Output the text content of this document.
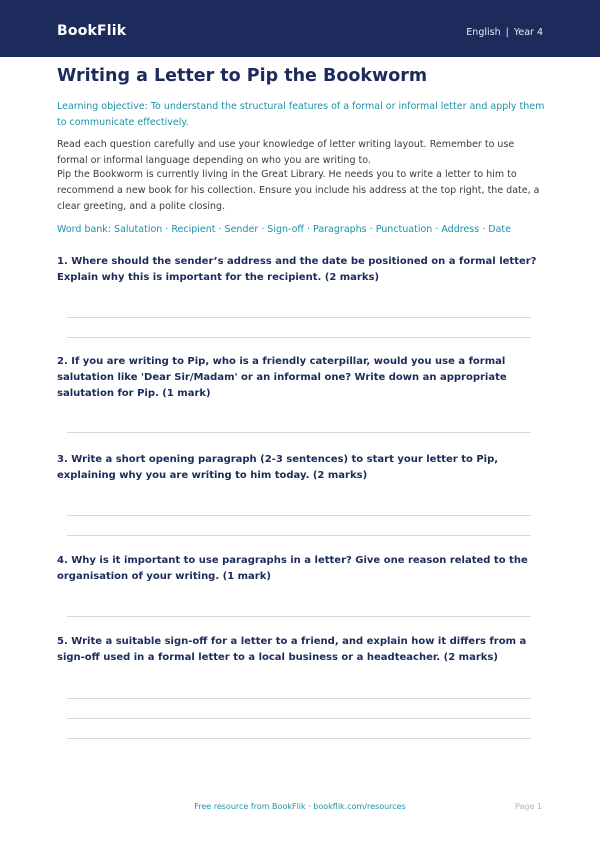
BookFlik	English | Year 4
Writing a Letter to Pip the Bookworm

Learning objective: To understand the structural features of a formal or informal letter and apply them to communicate effectively.

Read each question carefully and use your knowledge of letter writing layout. Remember to use formal or informal language depending on who you are writing to.

Pip the Bookworm is currently living in the Great Library. He needs you to write a letter to him to recommend a new book for his collection. Ensure you include his address at the top right, the date, a clear greeting, and a polite closing.

Word bank: Salutation · Recipient · Sender · Sign-off · Paragraphs · Punctuation · Address · Date

1. Where should the sender’s address and the date be positioned on a formal letter? Explain why this is important for the recipient. (2 marks)

2. If you are writing to Pip, who is a friendly caterpillar, would you use a formal salutation like 'Dear Sir/Madam' or an informal one? Write down an appropriate salutation for Pip. (1 mark)

3. Write a short opening paragraph (2-3 sentences) to start your letter to Pip, explaining why you are writing to him today. (2 marks)

4. Why is it important to use paragraphs in a letter? Give one reason related to the organisation of your writing. (1 mark)

5. Write a suitable sign-off for a letter to a friend, and explain how it differs from a sign-off used in a formal letter to a local business or a headteacher. (2 marks)

Free resource from BookFlik · bookflik.com/resources	Page 1
